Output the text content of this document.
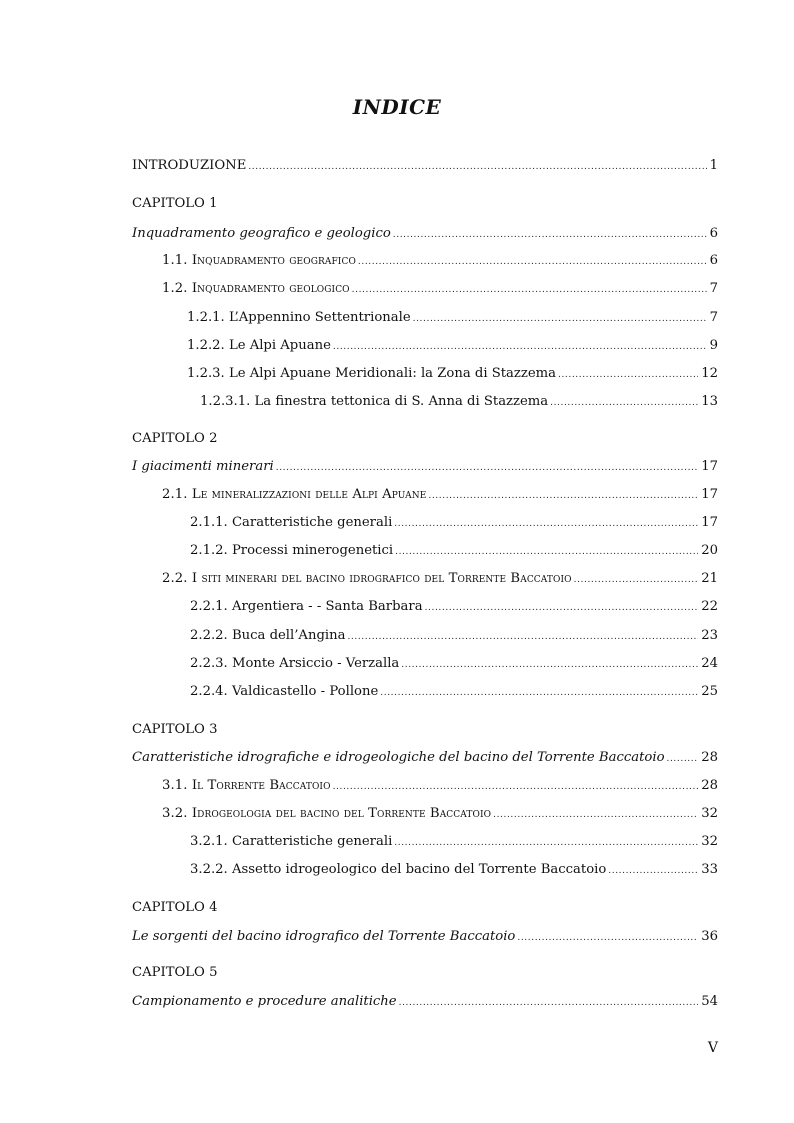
INDICE
INTRODUZIONE .....	1
CAPITOLO 1
Inquadramento geografico e geologico .....	6
1.1. Inquadramento geografico .....	6
1.2. Inquadramento geologico .....	7
1.2.1. L’Appennino Settentrionale .....	7
1.2.2. Le Alpi Apuane .....	9
1.2.3. Le Alpi Apuane Meridionali: la Zona di Stazzema .....	12
1.2.3.1. La finestra tettonica di S. Anna di Stazzema .....	13
CAPITOLO 2
I giacimenti minerari .....	17
2.1. Le mineralizzazioni delle Alpi Apuane .....	17
2.1.1. Caratteristiche generali .....	17
2.1.2. Processi minerogenetici .....	20
2.2. I siti minerari del bacino idrografico del Torrente Baccatoio .....	21
2.2.1. Argentiera - - Santa Barbara .....	22
2.2.2. Buca dell’Angina .....	23
2.2.3. Monte Arsiccio - Verzalla .....	24
2.2.4. Valdicastello - Pollone .....	25
CAPITOLO 3
Caratteristiche idrografiche e idrogeologiche del bacino del Torrente Baccatoio .....	28
3.1. Il Torrente Baccatoio .....	28
3.2. Idrogeologia del bacino del Torrente Baccatoio .....	32
3.2.1. Caratteristiche generali .....	32
3.2.2. Assetto idrogeologico del bacino del Torrente Baccatoio .....	33
CAPITOLO 4
Le sorgenti del bacino idrografico del Torrente Baccatoio .....	36
CAPITOLO 5
Campionamento e procedure analitiche .....	54
V
